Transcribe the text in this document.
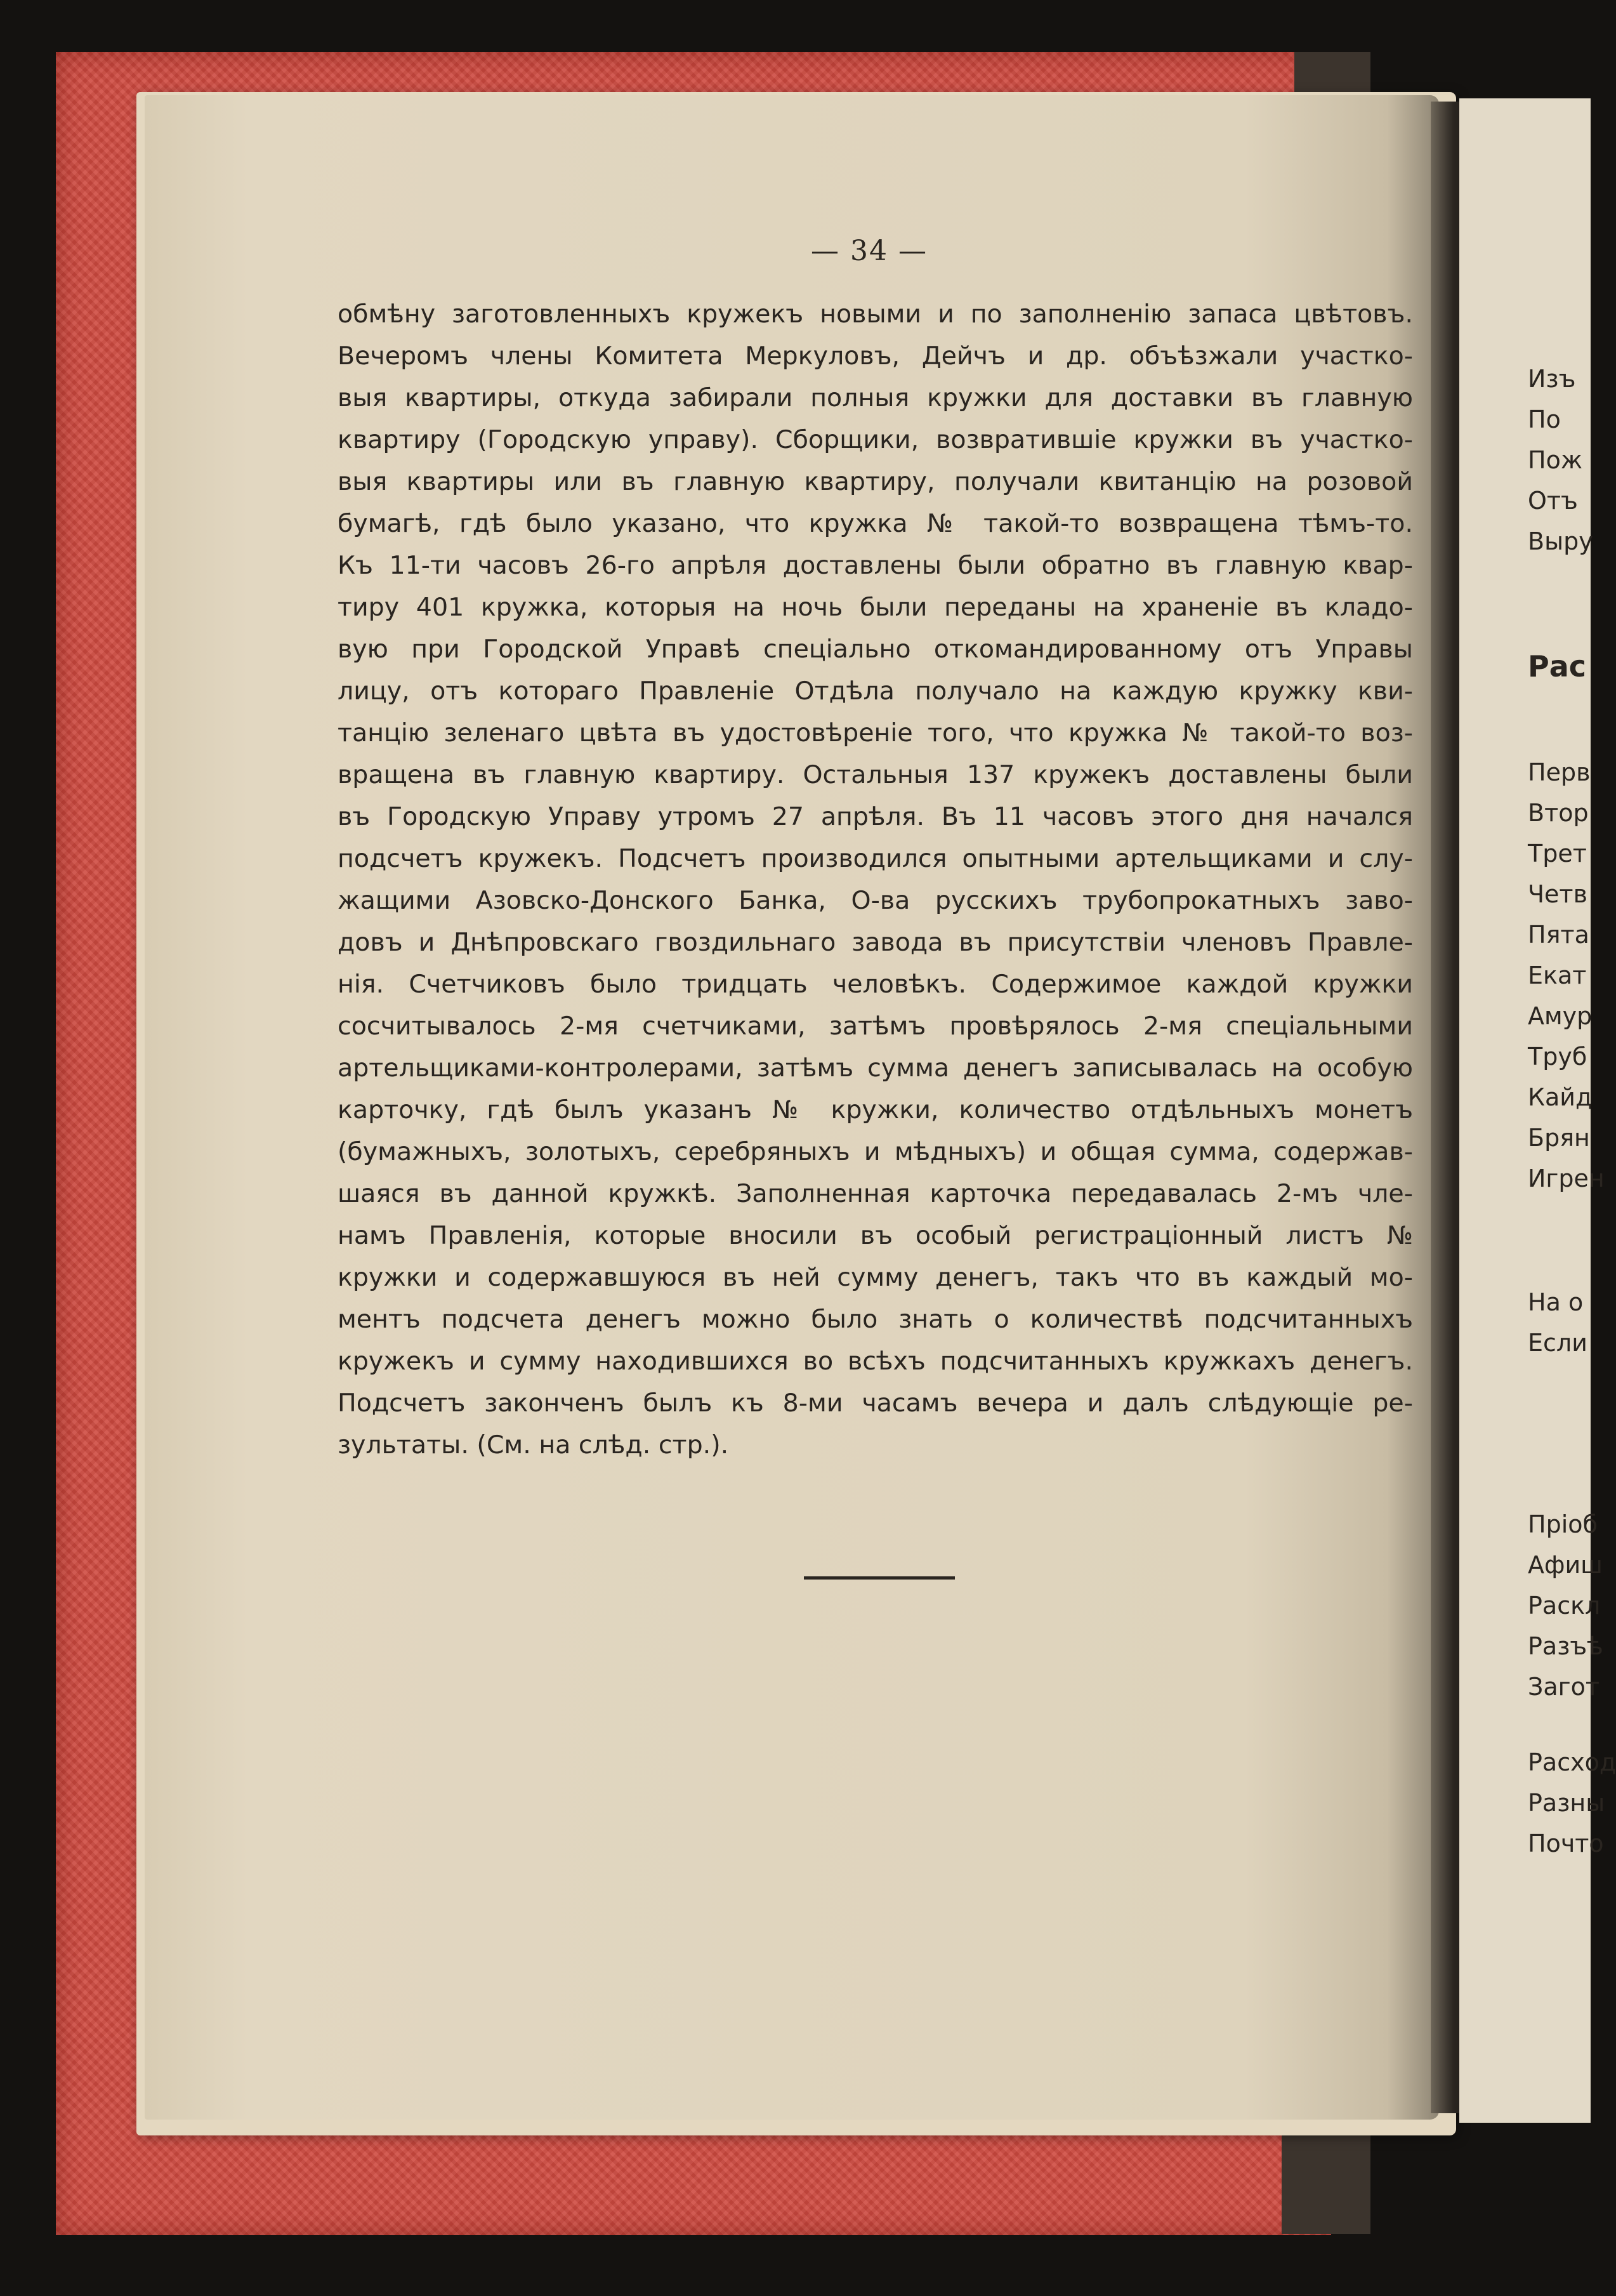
— 34 —
обмѣну заготовленныхъ кружекъ новыми и по заполненію запаса цвѣтовъ.
Вечеромъ члены Комитета Меркуловъ, Дейчъ и др. объѣзжали участко-
выя квартиры, откуда забирали полныя кружки для доставки въ главную
квартиру (Городскую управу). Сборщики, возвратившіе кружки въ участко-
выя квартиры или въ главную квартиру, получали квитанцію на розовой
бумагѣ, гдѣ было указано, что кружка № такой-то возвращена тѣмъ-то.
Къ 11-ти часовъ 26-го апрѣля доставлены были обратно въ главную квар-
тиру 401 кружка, которыя на ночь были переданы на храненіе въ кладо-
вую при Городской Управѣ спеціально откомандированному отъ Управы
лицу, отъ котораго Правленіе Отдѣла получало на каждую кружку кви-
танцію зеленаго цвѣта въ удостовѣреніе того, что кружка № такой-то воз-
вращена въ главную квартиру. Остальныя 137 кружекъ доставлены были
въ Городскую Управу утромъ 27 апрѣля. Въ 11 часовъ этого дня начался
подсчетъ кружекъ. Подсчетъ производился опытными артельщиками и слу-
жащими Азовско-Донского Банка, О-ва русскихъ трубопрокатныхъ заво-
довъ и Днѣпровскаго гвоздильнаго завода въ присутствіи членовъ Правле-
нія. Счетчиковъ было тридцать человѣкъ. Содержимое каждой кружки
сосчитывалось 2-мя счетчиками, затѣмъ провѣрялось 2-мя спеціальными
артельщиками-контролерами, затѣмъ сумма денегъ записывалась на особую
карточку, гдѣ былъ указанъ № кружки, количество отдѣльныхъ монетъ
(бумажныхъ, золотыхъ, серебряныхъ и мѣдныхъ) и общая сумма, содержав-
шаяся въ данной кружкѣ. Заполненная карточка передавалась 2-мъ чле-
намъ Правленія, которые вносили въ особый регистраціонный листъ №
кружки и содержавшуюся въ ней сумму денегъ, такъ что въ каждый мо-
ментъ подсчета денегъ можно было знать о количествѣ подсчитанныхъ
кружекъ и сумму находившихся во всѣхъ подсчитанныхъ кружкахъ денегъ.
Подсчетъ законченъ былъ къ 8-ми часамъ вечера и далъ слѣдующіе ре-
зультаты. (См. на слѣд. стр.).
Изъ
По
Пож
Отъ
Выру
Рас
Перв
Втор
Трет
Четв
Пята
Екат
Амур
Труб
Кайд
Брян
Игрен
На о
Если
Пріоб
Афиш
Раскл
Разъѣ
Загот
Расход
Разны
Почто
